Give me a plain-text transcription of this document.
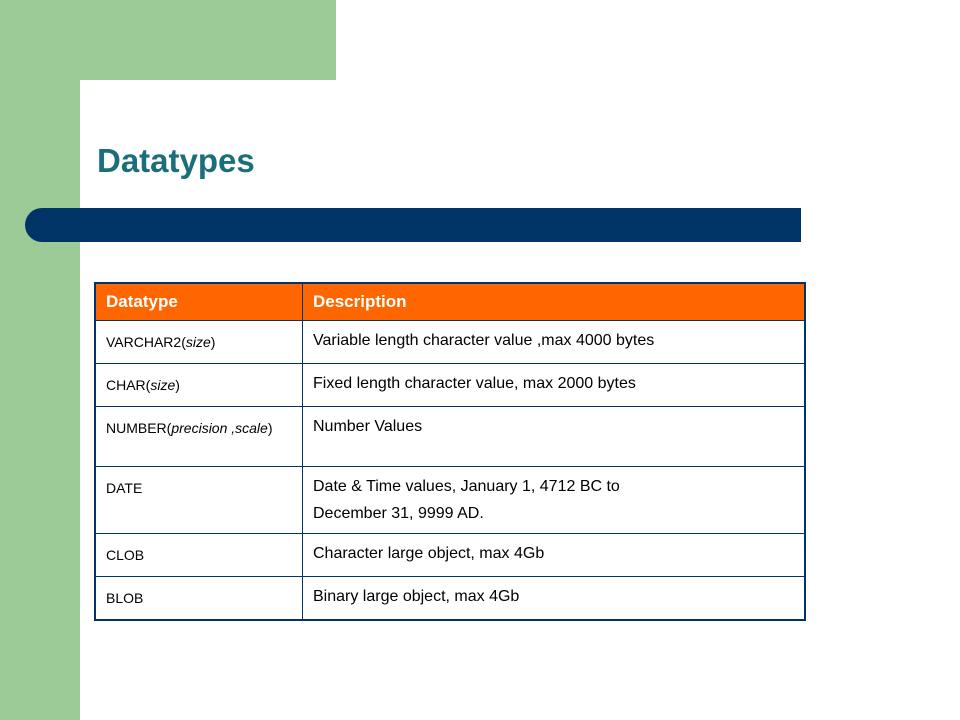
Datatypes
Datatype	Description
VARCHAR2(size)	Variable length character value ,max 4000 bytes
CHAR(size)	Fixed length character value, max 2000 bytes
NUMBER(precision ,scale)	Number Values
DATE	Date & Time values, January 1, 4712 BC to
December 31, 9999 AD.
CLOB	Character large object, max 4Gb
BLOB	Binary large object, max 4Gb
